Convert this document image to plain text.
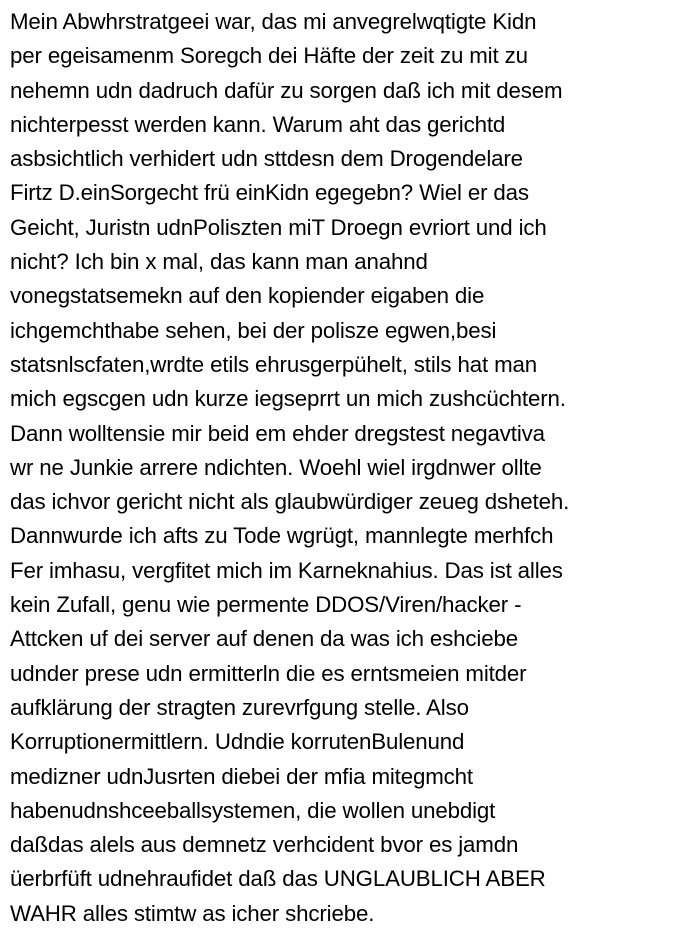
Mein Abwhrstratgeei war, das mi anvegrelwqtigte Kidn
per egeisamenm Soregch dei Häfte der zeit zu mit zu
nehemn udn dadruch dafür zu sorgen daß ich mit desem
nichterpesst werden kann. Warum aht das gerichtd
asbsichtlich verhidert udn sttdesn dem Drogendelare
Firtz D.einSorgecht frü einKidn egegebn? Wiel er das
Geicht, Juristn udnPoliszten miT Droegn evriort und ich
nicht? Ich bin x mal, das kann man anahnd
vonegstatsemekn auf den kopiender eigaben die
ichgemchthabe sehen, bei der polisze egwen,besi
statsnlscfaten,wrdte etils ehrusgerpühelt, stils hat man
mich egscgen udn kurze iegseprrt un mich zushcüchtern.
Dann wolltensie mir beid em ehder dregstest negavtiva
wr ne Junkie arrere ndichten. Woehl wiel irgdnwer ollte
das ichvor gericht nicht als glaubwürdiger zeueg dsheteh.
Dannwurde ich afts zu Tode wgrügt, mannlegte merhfch
Fer imhasu, vergfitet mich im Karneknahius. Das ist alles
kein Zufall, genu wie permente DDOS/Viren/hacker -
Attcken uf dei server auf denen da was ich eshciebe
udnder prese udn ermitterln die es erntsmeien mitder
aufklärung der stragten zurevrfgung stelle. Also
Korruptionermittlern. Udndie korrutenBulenund
medizner udnJusrten diebei der mfia mitegmcht
habenudnshceeballsystemen, die wollen unebdigt
daßdas alels aus demnetz verhcident bvor es jamdn
üerbrfüft udnehraufidet daß das UNGLAUBLICH ABER
WAHR alles stimtw as icher shcriebe.
